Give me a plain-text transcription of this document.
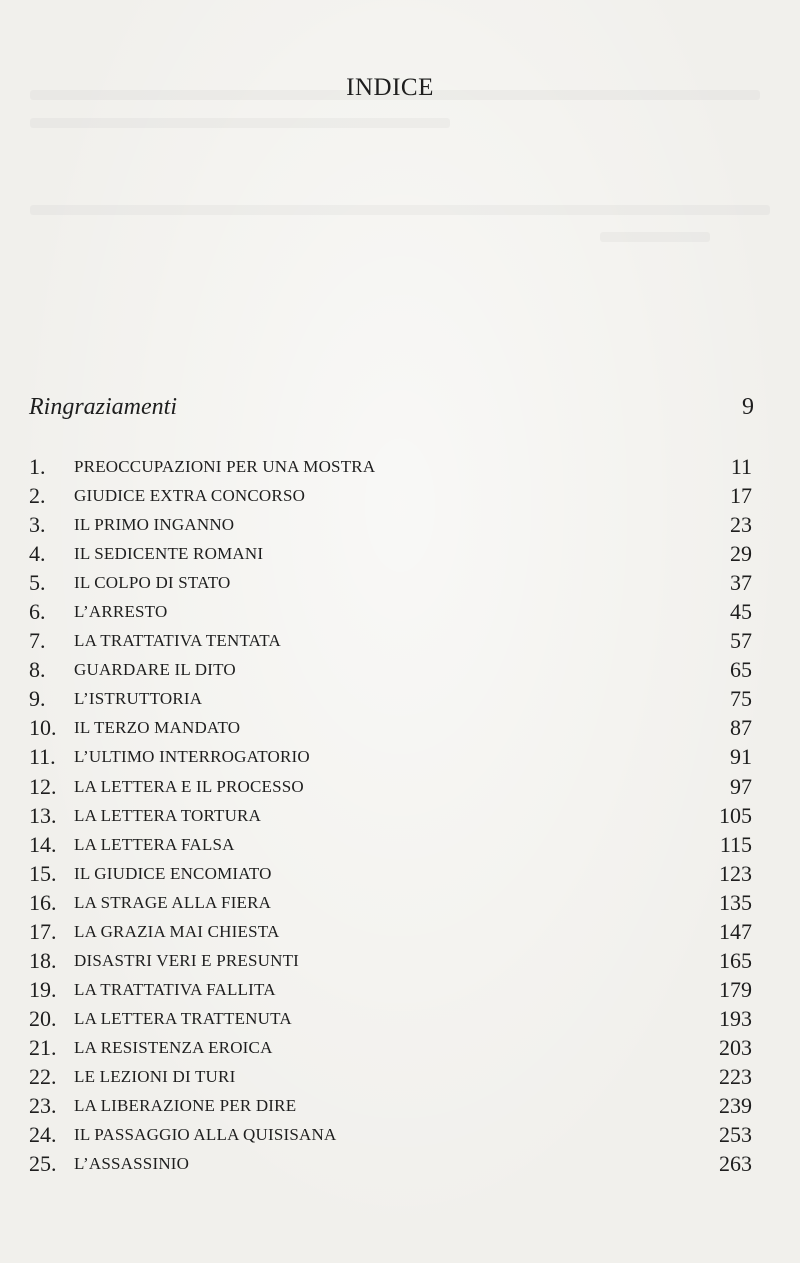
INDICE
Ringraziamenti	9
1. PREOCCUPAZIONI PER UNA MOSTRA	11
2. GIUDICE EXTRA CONCORSO	17
3. IL PRIMO INGANNO	23
4. IL SEDICENTE ROMANI	29
5. IL COLPO DI STATO	37
6. L’ARRESTO	45
7. LA TRATTATIVA TENTATA	57
8. GUARDARE IL DITO	65
9. L’ISTRUTTORIA	75
10. IL TERZO MANDATO	87
11. L’ULTIMO INTERROGATORIO	91
12. LA LETTERA E IL PROCESSO	97
13. LA LETTERA TORTURA	105
14. LA LETTERA FALSA	115
15. IL GIUDICE ENCOMIATO	123
16. LA STRAGE ALLA FIERA	135
17. LA GRAZIA MAI CHIESTA	147
18. DISASTRI VERI E PRESUNTI	165
19. LA TRATTATIVA FALLITA	179
20. LA LETTERA TRATTENUTA	193
21. LA RESISTENZA EROICA	203
22. LE LEZIONI DI TURI	223
23. LA LIBERAZIONE PER DIRE	239
24. IL PASSAGGIO ALLA QUISISANA	253
25. L’ASSASSINIO	263
